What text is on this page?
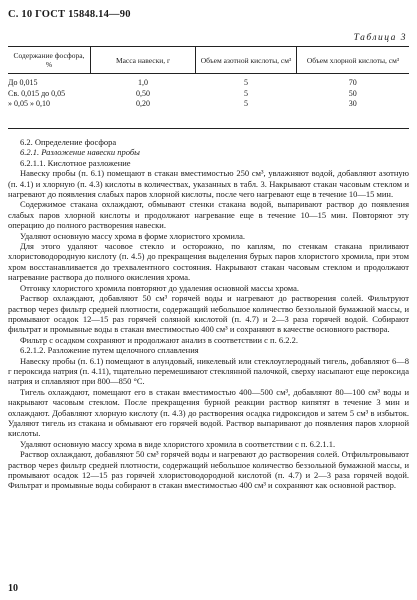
С. 10 ГОСТ 15848.14—90
Таблица 3
Содержание фосфора, %	Масса навески, г	Объем азотной кислоты, см³	Объем хлорной кислоты, см³
До 0,015	1,0	5	70
Св. 0,015 до 0,05	0,50	5	50
» 0,05 » 0,10	0,20	5	30

6.2. Определение фосфора

6.2.1. Разложение навески пробы

6.2.1.1. Кислотное разложение

Навеску пробы (п. 6.1) помещают в стакан вместимостью 250 см³, увлажняют водой, добавляют азотную (п. 4.1) и хлорную (п. 4.3) кислоты в количествах, указанных в табл. 3. Накрывают стакан часовым стеклом и нагревают до появления слабых паров хлорной кислоты, после чего нагревают еще в течение 10—15 мин.

Содержимое стакана охлаждают, обмывают стенки стакана водой, выпаривают раствор до появления слабых паров хлорной кислоты и продолжают нагревание еще в течение 10—15 мин. Повторяют эту операцию до полного растворения навески.

Удаляют основную массу хрома в форме хлористого хромила.

Для этого удаляют часовое стекло и осторожно, по каплям, по стенкам стакана приливают хлористоводородную кислоту (п. 4.5) до прекращения выделения бурых паров хлористого хромила, при этом хром восстанавливается до трехвалентного состояния. Накрывают стакан часовым стеклом и продолжают нагревание раствора до полного окисления хрома.

Отгонку хлористого хромила повторяют до удаления основной массы хрома.

Раствор охлаждают, добавляют 50 см³ горячей воды и нагревают до растворения солей. Фильтруют раствор через фильтр средней плотности, содержащий небольшое количество беззольной бумажной массы, и промывают осадок 12—15 раз горячей соляной кислотой (п. 4.7) и 2—3 раза горячей водой. Собирают фильтрат и промывные воды в стакан вместимостью 400 см³ и сохраняют в качестве основного раствора.

Фильтр с осадком сохраняют и продолжают анализ в соответствии с п. 6.2.2.

6.2.1.2. Разложение путем щелочного сплавления

Навеску пробы (п. 6.1) помещают в алундовый, никелевый или стеклоуглеродный тигель, добавляют 6—8 г пероксида натрия (п. 4.11), тщательно перемешивают стеклянной палочкой, сверху насыпают еще пероксида натрия и сплавляют при 800—850 °С.

Тигель охлаждают, помещают его в стакан вместимостью 400—500 см³, добавляют 80—100 см³ воды и накрывают часовым стеклом. После прекращения бурной реакции раствор кипятят в течение 3 мин и охлаждают. Добавляют хлорную кислоту (п. 4.3) до растворения осадка гидроксидов и затем 5 см³ в избыток. Удаляют тигель из стакана и обмывают его горячей водой. Раствор выпаривают до появления паров хлорной кислоты.

Удаляют основную массу хрома в виде хлористого хромила в соответствии с п. 6.2.1.1.

Раствор охлаждают, добавляют 50 см³ горячей воды и нагревают до растворения солей. Отфильтровывают раствор через фильтр средней плотности, содержащий небольшое количество беззольной бумажной массы, и промывают осадок 12—15 раз горячей хлористоводородной кислотой (п. 4.7) и 2—3 раза горячей водой. Фильтрат и промывные воды собирают в стакан вместимостью 400 см³ и сохраняют как основной раствор.

10
